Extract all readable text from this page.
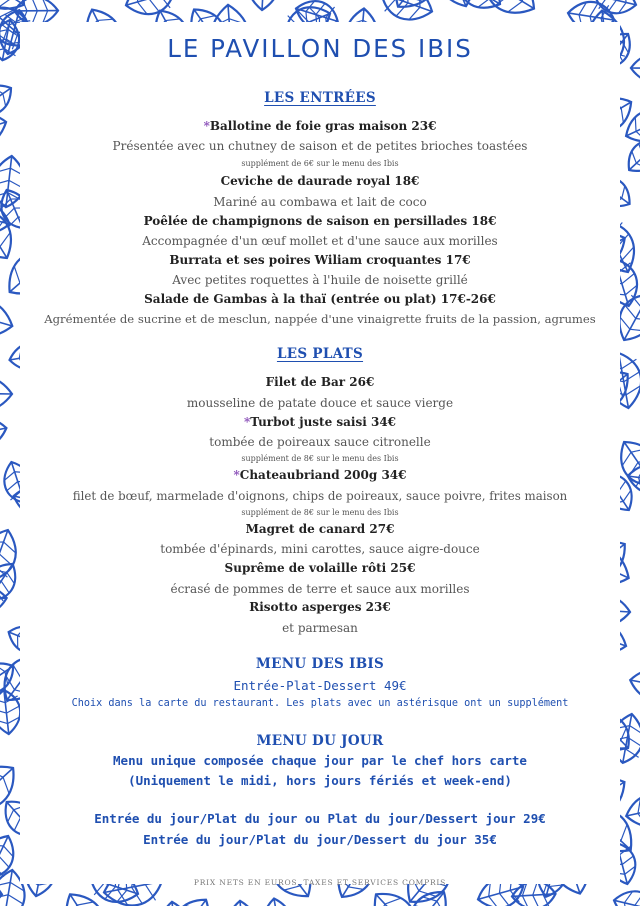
LE PAVILLON DES IBIS
LES ENTRÉES
*Ballotine de foie gras maison 23€
Présentée avec un chutney de saison et de petites brioches toastées
supplément de 6€ sur le menu des Ibis
Ceviche de daurade royal 18€
Mariné au combawa et lait de coco
Poêlée de champignons de saison en persillades 18€
Accompagnée d'un œuf mollet et d'une sauce aux morilles
Burrata et ses poires Wiliam croquantes 17€
Avec petites roquettes à l'huile de noisette grillé
Salade de Gambas à la thaï (entrée ou plat) 17€-26€
Agrémentée de sucrine et de mesclun, nappée d'une vinaigrette fruits de la passion, agrumes
LES PLATS
Filet de Bar 26€
mousseline de patate douce et sauce vierge
*Turbot juste saisi 34€
tombée de poireaux sauce citronelle
supplément de 8€ sur le menu des Ibis
*Chateaubriand 200g 34€
filet de bœuf, marmelade d'oignons, chips de poireaux, sauce poivre, frites maison
supplément de 8€ sur le menu des Ibis
Magret de canard 27€
tombée d'épinards, mini carottes, sauce aigre-douce
Suprême de volaille rôti 25€
écrasé de pommes de terre et sauce aux morilles
Risotto asperges 23€
et parmesan
MENU DES IBIS
Entrée-Plat-Dessert 49€
Choix dans la carte du restaurant. Les plats avec un astérisque ont un supplément
MENU DU JOUR
Menu unique composée chaque jour par le chef hors carte
(Uniquement le midi, hors jours fériés et week-end)
Entrée du jour/Plat du jour ou Plat du jour/Dessert jour 29€
Entrée du jour/Plat du jour/Dessert du jour 35€
PRIX NETS EN EUROS, TAXES ET SERVICES COMPRIS
